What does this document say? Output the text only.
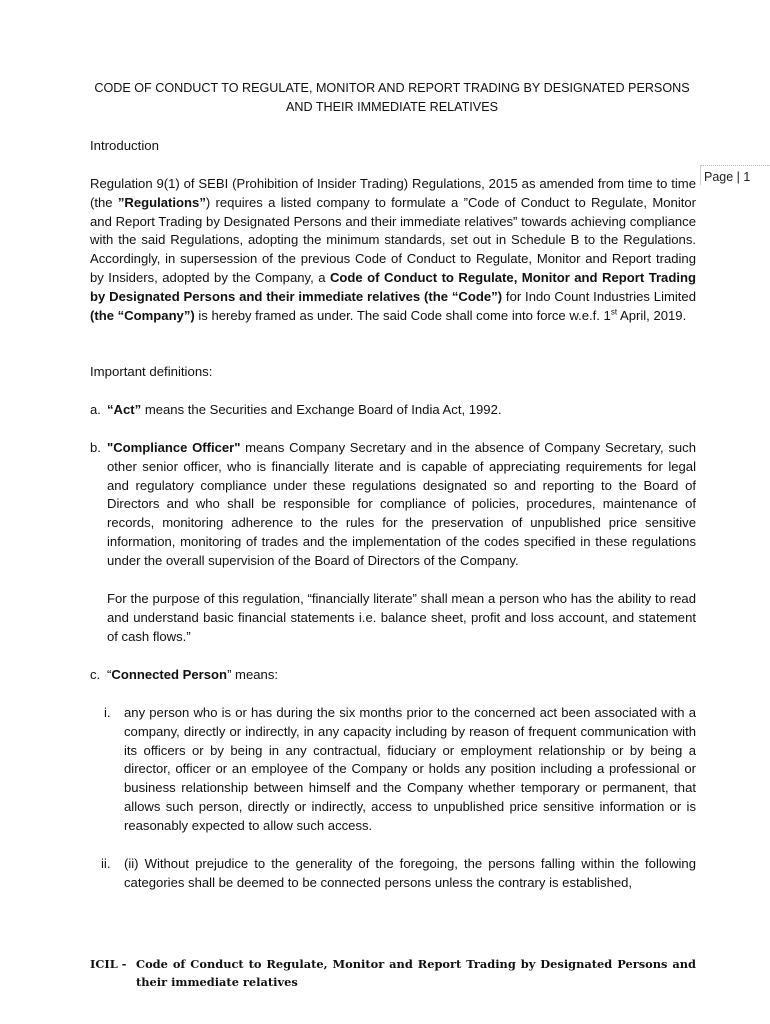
Page | 1
CODE OF CONDUCT TO REGULATE, MONITOR AND REPORT TRADING BY DESIGNATED PERSONS
AND THEIR IMMEDIATE RELATIVES
Introduction
Regulation 9(1) of SEBI (Prohibition of Insider Trading) Regulations, 2015 as amended from time to time (the ”Regulations”) requires a listed company to formulate a ”Code of Conduct to Regulate, Monitor and Report Trading by Designated Persons and their immediate relatives” towards achieving compliance with the said Regulations, adopting the minimum standards, set out in Schedule B to the Regulations. Accordingly, in supersession of the previous Code of Conduct to Regulate, Monitor and Report trading by Insiders, adopted by the Company, a Code of Conduct to Regulate, Monitor and Report Trading by Designated Persons and their immediate relatives (the “Code”) for Indo Count Industries Limited (the “Company”) is hereby framed as under. The said Code shall come into force w.e.f. 1st April, 2019.
Important definitions:
a. “Act” means the Securities and Exchange Board of India Act, 1992.
b. "Compliance Officer" means Company Secretary and in the absence of Company Secretary, such other senior officer, who is financially literate and is capable of appreciating requirements for legal and regulatory compliance under these regulations designated so and reporting to the Board of Directors and who shall be responsible for compliance of policies, procedures, maintenance of records, monitoring adherence to the rules for the preservation of unpublished price sensitive information, monitoring of trades and the implementation of the codes specified in these regulations under the overall supervision of the Board of Directors of the Company.
For the purpose of this regulation, “financially literate” shall mean a person who has the ability to read and understand basic financial statements i.e. balance sheet, profit and loss account, and statement of cash flows.”
c. “Connected Person” means:
i. any person who is or has during the six months prior to the concerned act been associated with a company, directly or indirectly, in any capacity including by reason of frequent communication with its officers or by being in any contractual, fiduciary or employment relationship or by being a director, officer or an employee of the Company or holds any position including a professional or business relationship between himself and the Company whether temporary or permanent, that allows such person, directly or indirectly, access to unpublished price sensitive information or is reasonably expected to allow such access.
ii. (ii) Without prejudice to the generality of the foregoing, the persons falling within the following categories shall be deemed to be connected persons unless the contrary is established,
ICIL - Code of Conduct to Regulate, Monitor and Report Trading by Designated Persons and their immediate relatives
